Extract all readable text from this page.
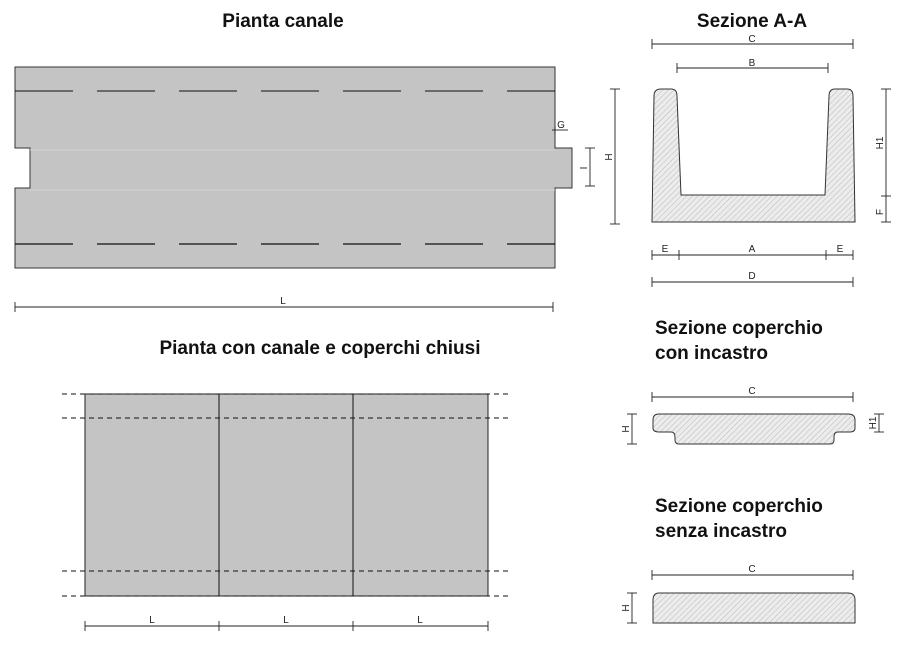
Pianta canale
L
G
I
H
Sezione A-A
C
B
H1
F
E	A	E
D
Pianta con canale e coperchi chiusi
L	L	L
Sezione coperchio
con incastro
C
H	H1
Sezione coperchio
senza incastro
C
H
